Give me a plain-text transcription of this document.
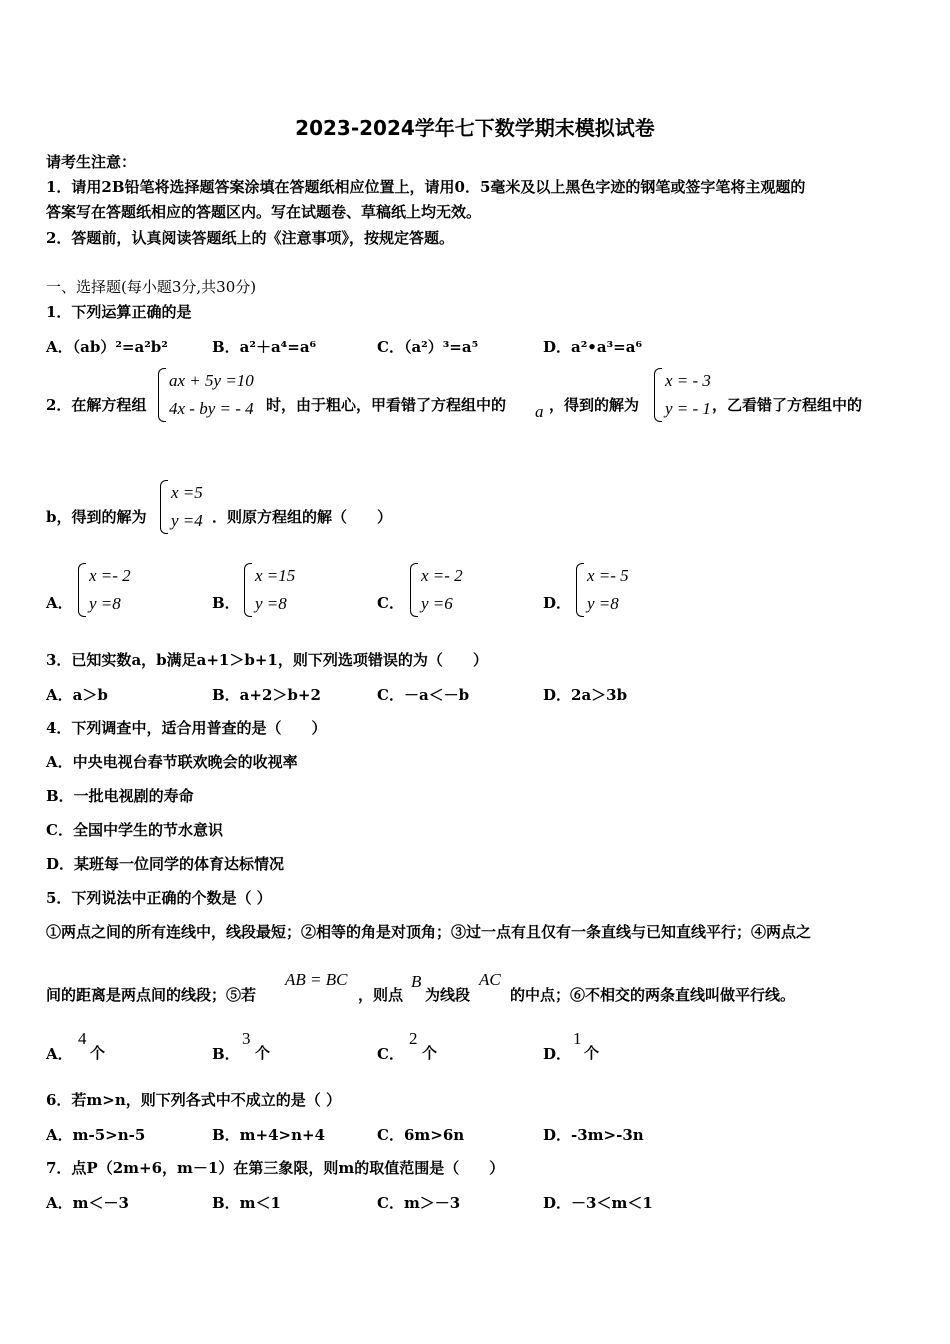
2023-2024学年七下数学期末模拟试卷
请考生注意：
1．请用2B铅笔将选择题答案涂填在答题纸相应位置上，请用0．5毫米及以上黑色字迹的钢笔或签字笔将主观题的
答案写在答题纸相应的答题区内。写在试题卷、草稿纸上均无效。
2．答题前，认真阅读答题纸上的《注意事项》，按规定答题。
一、选择题(每小题3分,共30分)
1．下列运算正确的是
A．（ab）²=a²b²	B．a²＋a⁴=a⁶	C．（a²）³=a⁵	D．a²•a³=a⁶
2．在解方程组
ax + 5y =10
4x - by = - 4 时，由于粗心，甲看错了方程组中的 a ，得到的解为
x = - 3
y = - 1 ，乙看错了方程组中的
b，得到的解为
x =5
y =4 ．则原方程组的解（　　）
A．
x =- 2
y =8	B．
x =15
y =8	C．
x =- 2
y =6	D．
x =- 5
y =8
3．已知实数a，b满足a+1＞b+1，则下列选项错误的为（　　）
A．a＞b	B．a+2＞b+2	C．－a＜－b	D．2a＞3b
4．下列调查中，适合用普查的是（　　）
A．中央电视台春节联欢晚会的收视率
B．一批电视剧的寿命
C．全国中学生的节水意识
D．某班每一位同学的体育达标情况
5．下列说法中正确的个数是（ ）
①两点之间的所有连线中，线段最短；②相等的角是对顶角；③过一点有且仅有一条直线与已知直线平行；④两点之
间的距离是两点间的线段；⑤若
AB = BC
，则点
B
为线段
AC
的中点；⑥不相交的两条直线叫做平行线。
A．
4
个	B．
3
个	C．
2
个	D．
1
个
6．若m>n，则下列各式中不成立的是（ ）
A．m-5>n-5	B．m+4>n+4	C．6m>6n	D．-3m>-3n
7．点P（2m+6，m－1）在第三象限，则m的取值范围是（　　）
A．m＜－3	B．m＜1	C．m＞－3	D．－3＜m＜1
